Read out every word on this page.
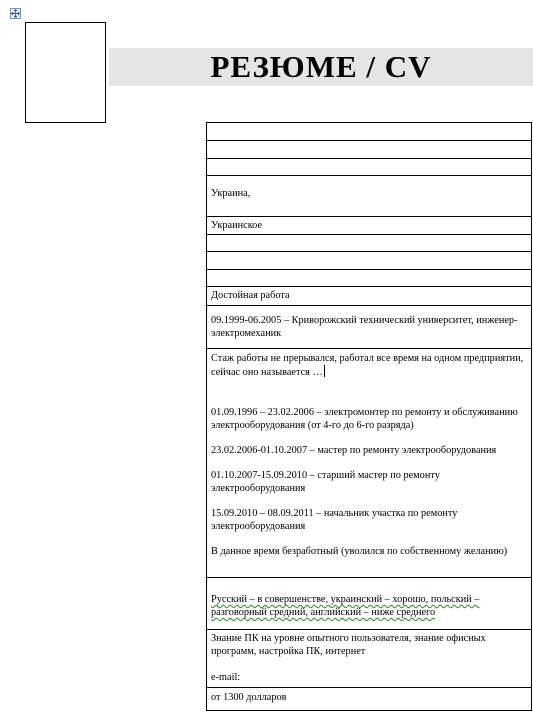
РЕЗЮМЕ / CV
Украина,
Украинское
Достойная работа
09.1999-06.2005 – Криворожский технический университет, инженер-электромеханик

Стаж работы не прерывался, работал все время на одном предприятии, сейчас оно называется …

01.09.1996 – 23.02.2006 – электромонтер по ремонту и обслуживанию электрооборудования (от 4-го до 6-го разряда)

23.02.2006-01.10.2007 – мастер по ремонту электрооборудования

01.10.2007-15.09.2010 – старший мастер по ремонту электрооборудования

15.09.2010 – 08.09.2011 – начальник участка по ремонту электрооборудования

В данное время безработный (уволился по собственному желанию)

Русский – в совершенстве, украинский – хорошо, польский – разговорный средний, английский – ниже среднего

Знание ПК на уровне опытного пользователя, знание офисных программ, настройка ПК, интернет

e-mail:

от 1300 долларов
